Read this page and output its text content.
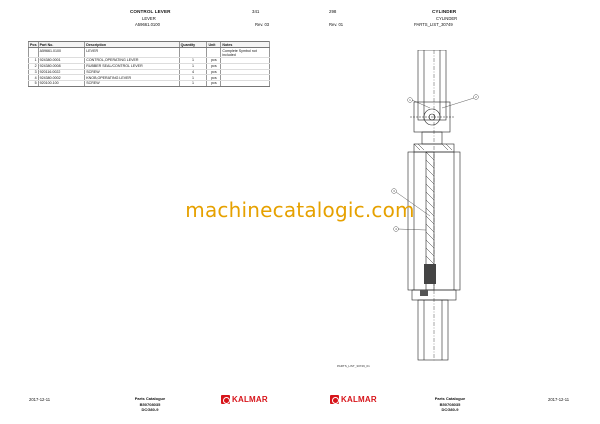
CONTROL LEVER
LEVER
A59661.0100
341
Rev. 03
Pos	Part No.	Description	Quantity	Unit	Notes
	A59661.0100	LEVER			Complete Symbol not included
1	924380.0001	CONTROL,OPERATING LEVER	1	pcs	
2	924380.0008	RUBBER SEAL/CONTROL LEVER	1	pcs	
3	920116.0022	SCREW	4	pcs	
4	924380.0002	KNOB,OPERATING LEVER	1	pcs	
5	920100.100	SCREW	1	pcs	
2017-12-11	Parts Catalogue
B50708035
DCG80-9
KALMAR
298
Rev. 01
CYLINDER
CYLINDER
PARTS_LIST_30749
1
2
3
4
KALMAR	Parts Catalogue
B50708035
DCG80-9
2017-12-11
PARTS_LIST_30749_01
machinecatalogic.com
